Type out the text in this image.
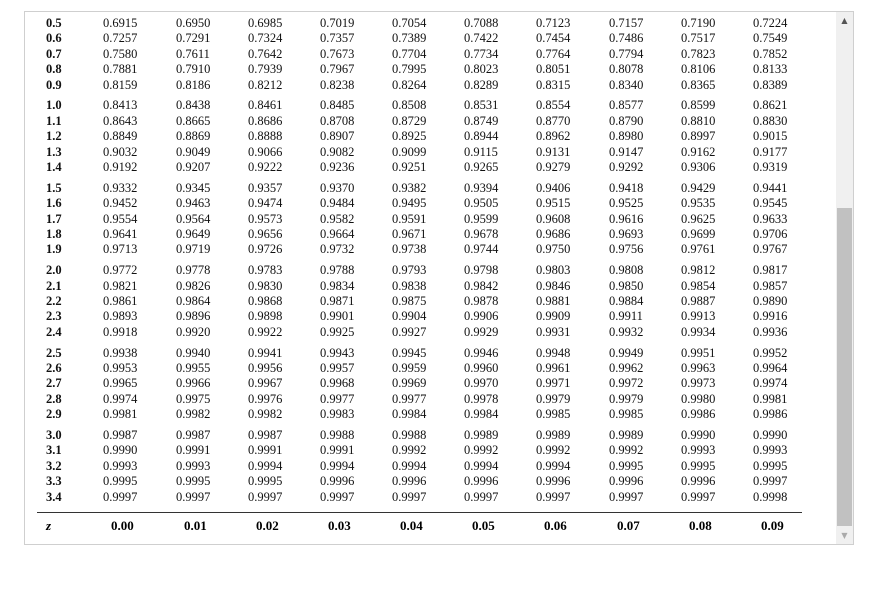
z	0.00	0.01	0.02	0.03	0.04	0.05	0.06	0.07	0.08	0.09
0.5	0.6915	0.6950	0.6985	0.7019	0.7054	0.7088	0.7123	0.7157	0.7190	0.7224
0.6	0.7257	0.7291	0.7324	0.7357	0.7389	0.7422	0.7454	0.7486	0.7517	0.7549
0.7	0.7580	0.7611	0.7642	0.7673	0.7704	0.7734	0.7764	0.7794	0.7823	0.7852
0.8	0.7881	0.7910	0.7939	0.7967	0.7995	0.8023	0.8051	0.8078	0.8106	0.8133
0.9	0.8159	0.8186	0.8212	0.8238	0.8264	0.8289	0.8315	0.8340	0.8365	0.8389
1.0	0.8413	0.8438	0.8461	0.8485	0.8508	0.8531	0.8554	0.8577	0.8599	0.8621
1.1	0.8643	0.8665	0.8686	0.8708	0.8729	0.8749	0.8770	0.8790	0.8810	0.8830
1.2	0.8849	0.8869	0.8888	0.8907	0.8925	0.8944	0.8962	0.8980	0.8997	0.9015
1.3	0.9032	0.9049	0.9066	0.9082	0.9099	0.9115	0.9131	0.9147	0.9162	0.9177
1.4	0.9192	0.9207	0.9222	0.9236	0.9251	0.9265	0.9279	0.9292	0.9306	0.9319
1.5	0.9332	0.9345	0.9357	0.9370	0.9382	0.9394	0.9406	0.9418	0.9429	0.9441
1.6	0.9452	0.9463	0.9474	0.9484	0.9495	0.9505	0.9515	0.9525	0.9535	0.9545
1.7	0.9554	0.9564	0.9573	0.9582	0.9591	0.9599	0.9608	0.9616	0.9625	0.9633
1.8	0.9641	0.9649	0.9656	0.9664	0.9671	0.9678	0.9686	0.9693	0.9699	0.9706
1.9	0.9713	0.9719	0.9726	0.9732	0.9738	0.9744	0.9750	0.9756	0.9761	0.9767
2.0	0.9772	0.9778	0.9783	0.9788	0.9793	0.9798	0.9803	0.9808	0.9812	0.9817
2.1	0.9821	0.9826	0.9830	0.9834	0.9838	0.9842	0.9846	0.9850	0.9854	0.9857
2.2	0.9861	0.9864	0.9868	0.9871	0.9875	0.9878	0.9881	0.9884	0.9887	0.9890
2.3	0.9893	0.9896	0.9898	0.9901	0.9904	0.9906	0.9909	0.9911	0.9913	0.9916
2.4	0.9918	0.9920	0.9922	0.9925	0.9927	0.9929	0.9931	0.9932	0.9934	0.9936
2.5	0.9938	0.9940	0.9941	0.9943	0.9945	0.9946	0.9948	0.9949	0.9951	0.9952
2.6	0.9953	0.9955	0.9956	0.9957	0.9959	0.9960	0.9961	0.9962	0.9963	0.9964
2.7	0.9965	0.9966	0.9967	0.9968	0.9969	0.9970	0.9971	0.9972	0.9973	0.9974
2.8	0.9974	0.9975	0.9976	0.9977	0.9977	0.9978	0.9979	0.9979	0.9980	0.9981
2.9	0.9981	0.9982	0.9982	0.9983	0.9984	0.9984	0.9985	0.9985	0.9986	0.9986
3.0	0.9987	0.9987	0.9987	0.9988	0.9988	0.9989	0.9989	0.9989	0.9990	0.9990
3.1	0.9990	0.9991	0.9991	0.9991	0.9992	0.9992	0.9992	0.9992	0.9993	0.9993
3.2	0.9993	0.9993	0.9994	0.9994	0.9994	0.9994	0.9994	0.9995	0.9995	0.9995
3.3	0.9995	0.9995	0.9995	0.9996	0.9996	0.9996	0.9996	0.9996	0.9996	0.9997
3.4	0.9997	0.9997	0.9997	0.9997	0.9997	0.9997	0.9997	0.9997	0.9997	0.9998
▲
▼
